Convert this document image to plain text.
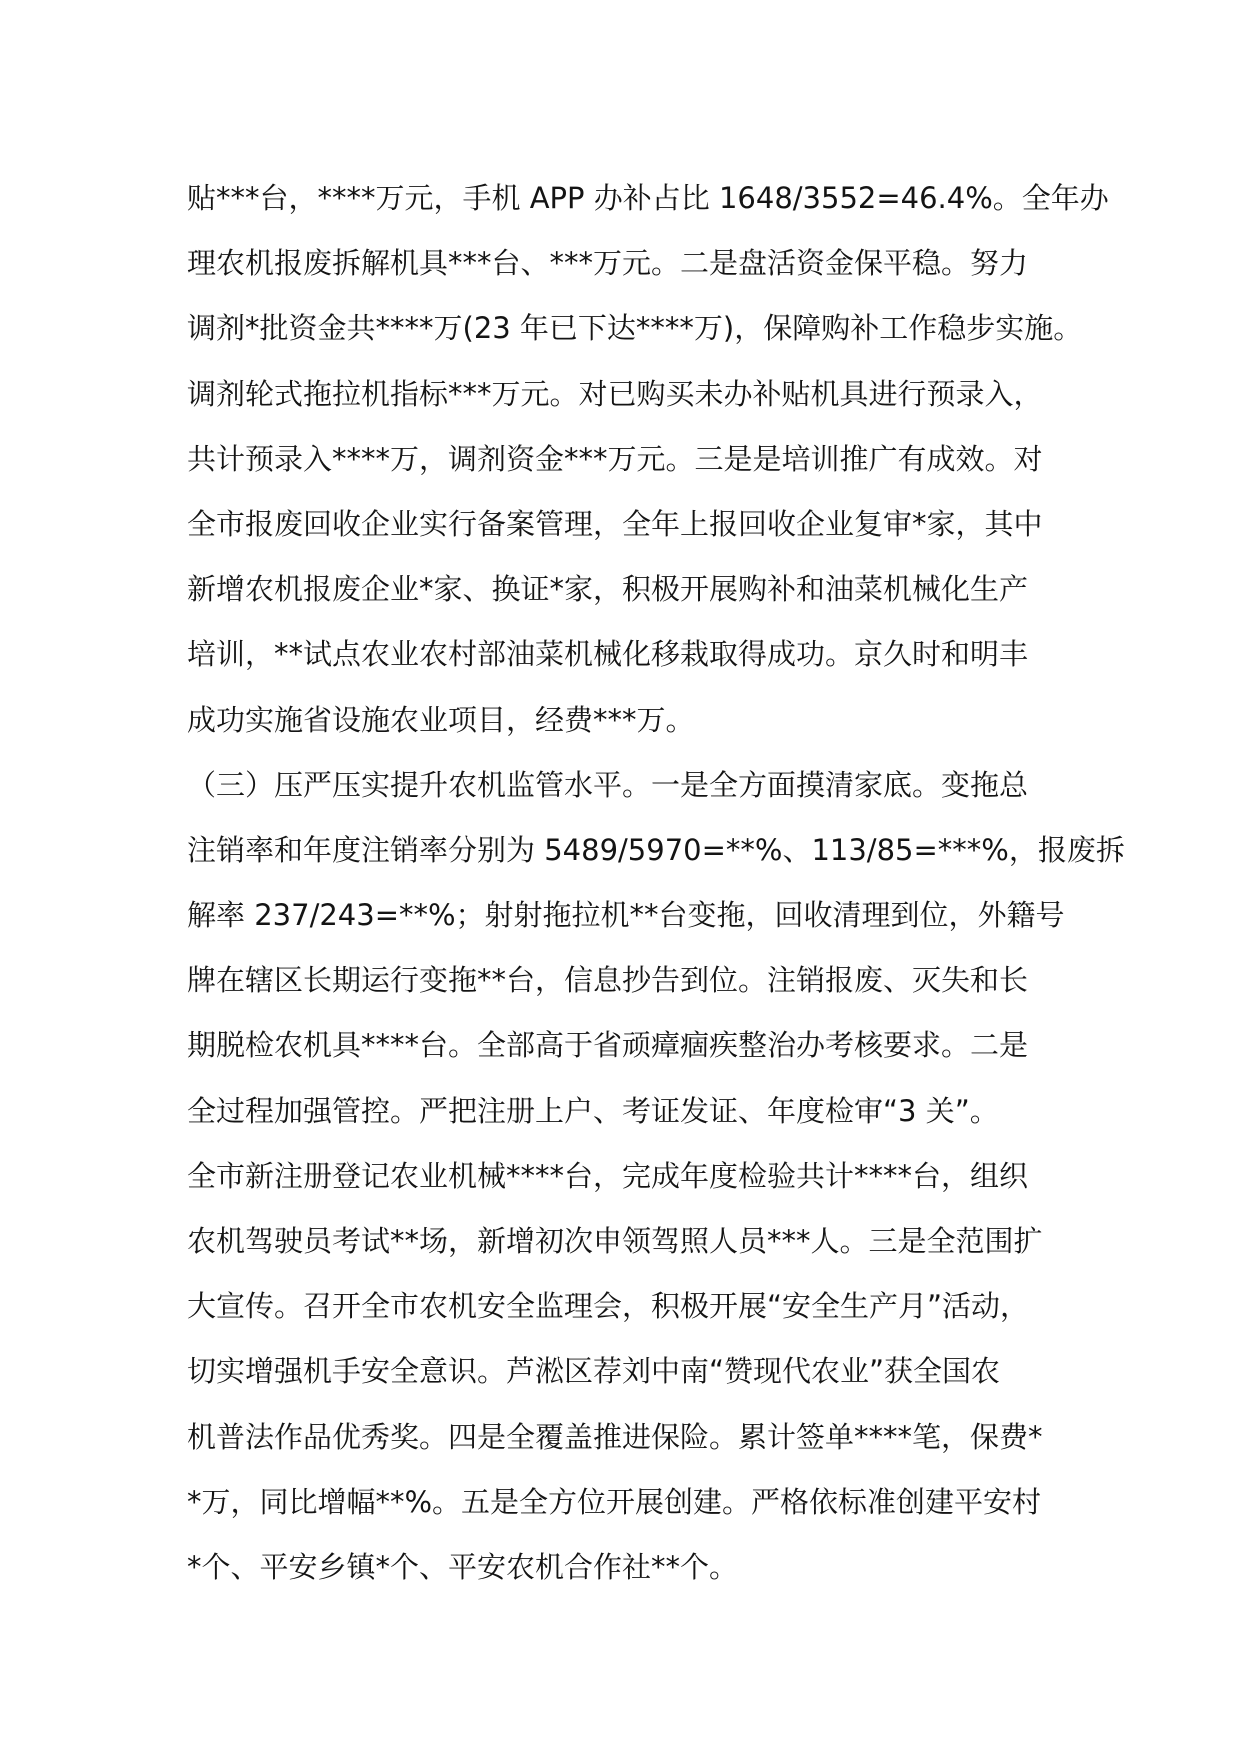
贴***台，****万元，手机 APP 办补占比 1648/3552=46.4%。全年办
理农机报废拆解机具***台、***万元。二是盘活资金保平稳。努力
调剂*批资金共****万(23 年已下达****万)，保障购补工作稳步实施。
调剂轮式拖拉机指标***万元。对已购买未办补贴机具进行预录入，
共计预录入****万，调剂资金***万元。三是是培训推广有成效。对
全市报废回收企业实行备案管理，全年上报回收企业复审*家，其中
新增农机报废企业*家、换证*家，积极开展购补和油菜机械化生产
培训，**试点农业农村部油菜机械化移栽取得成功。京久时和明丰
成功实施省设施农业项目，经费***万。
（三）压严压实提升农机监管水平。一是全方面摸清家底。变拖总
注销率和年度注销率分别为 5489/5970=**%、113/85=***%，报废拆
解率 237/243=**%；射射拖拉机**台变拖，回收清理到位，外籍号
牌在辖区长期运行变拖**台，信息抄告到位。注销报废、灭失和长
期脱检农机具****台。全部高于省顽瘴痼疾整治办考核要求。二是
全过程加强管控。严把注册上户、考证发证、年度检审“3 关”。
全市新注册登记农业机械****台，完成年度检验共计****台，组织
农机驾驶员考试**场，新增初次申领驾照人员***人。三是全范围扩
大宣传。召开全市农机安全监理会，积极开展“安全生产月”活动，
切实增强机手安全意识。芦淞区荐刘中南“赞现代农业”获全国农
机普法作品优秀奖。四是全覆盖推进保险。累计签单****笔，保费*
*万，同比增幅**%。五是全方位开展创建。严格依标准创建平安村
*个、平安乡镇*个、平安农机合作社**个。
